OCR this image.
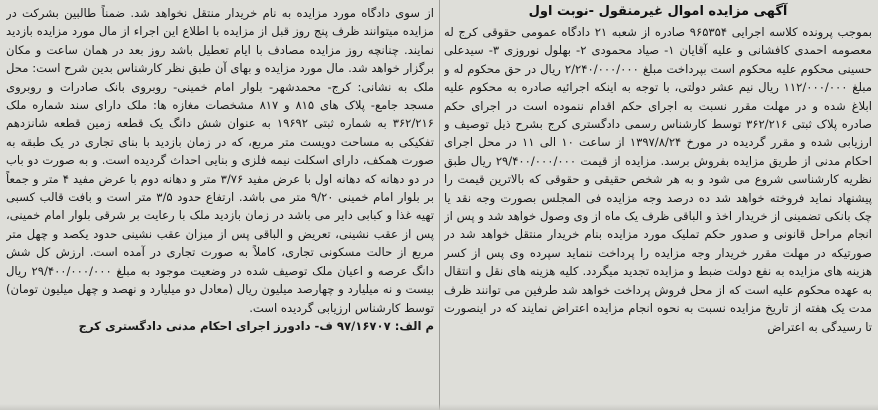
آگهی مزایده اموال غیرمنقول -نوبت اول

بموجب پرونده کلاسه اجرایی ۹۶۵۳۵۴ صادره از شعبه ۲۱ دادگاه عمومی حقوقی کرج له معصومه احمدی کافشانی و علیه آقایان ۱- صیاد محمودی ۲- بهلول نوروزی ۳- سیدعلی حسینی محکوم علیه محکوم است بپرداخت مبلغ ۲/۲۴۰/۰۰۰/۰۰۰ ریال در حق محکوم له و مبلغ ۱۱۲/۰۰۰/۰۰۰ ریال نیم عشر دولتی، با توجه به اینکه اجرائیه صادره به محکوم علیه ابلاغ شده و در مهلت مقرر نسبت به اجرای حکم اقدام ننموده است در اجرای حکم صادره پلاک ثبتی ۳۶۲/۲۱۶ توسط کارشناس رسمی دادگستری کرج بشرح ذیل توصیف و ارزیابی شده و مقرر گردیده در مورخ ۱۳۹۷/۸/۲۴ از ساعت ۱۰ الی ۱۱ در محل اجرای احکام مدنی از طریق مزایده بفروش برسد. مزایده از قیمت ۲۹/۴۰۰/۰۰۰/۰۰۰ ریال طبق نظریه کارشناسی شروع می شود و به هر شخص حقیقی و حقوقی که بالاترین قیمت را پیشنهاد نماید فروخته خواهد شد ده درصد وجه مزایده فی المجلس بصورت وجه نقد یا چک بانکی تضمینی از خریدار اخذ و الباقی ظرف یک ماه از وی وصول خواهد شد و پس از انجام مراحل قانونی و صدور حکم تملیک مورد مزایده بنام خریدار منتقل خواهد شد در صورتیکه در مهلت مقرر خریدار وجه مزایده را پرداخت ننماید سپرده وی پس از کسر هزینه های مزایده به نفع دولت ضبط و مزایده تجدید میگردد. کلیه هزینه های نقل و انتقال به عهده محکوم علیه است که از محل فروش پرداخت خواهد شد طرفین می توانند ظرف مدت یک هفته از تاریخ مزایده نسبت به نحوه انجام مزایده اعتراض نمایند که در اینصورت تا رسیدگی به اعتراض

از سوی دادگاه مورد مزایده به نام خریدار منتقل نخواهد شد. ضمناً طالبین بشرکت در مزایده میتوانند ظرف پنج روز قبل از مزایده با اطلاع این اجراء از مال مورد مزایده بازدید نمایند. چنانچه روز مزایده مصادف با ایام تعطیل باشد روز بعد در همان ساعت و مکان برگزار خواهد شد. مال مورد مزایده و بهای آن طبق نظر کارشناس بدین شرح است: محل ملک به نشانی: کرج- محمدشهر- بلوار امام خمینی- روبروی بانک صادرات و روبروی مسجد جامع- پلاک های ۸۱۵ و ۸۱۷ مشخصات مغازه ها: ملک دارای سند شماره ملک ۳۶۲/۲۱۶ به شماره ثبتی ۱۹۶۹۲ به عنوان شش دانگ یک قطعه زمین قطعه شانزدهم تفکیکی به مساحت دویست متر مربع، که در زمان بازدید با بنای تجاری در یک طبقه به صورت همکف، دارای اسکلت نیمه فلزی و بنایی احداث گردیده است. و به صورت دو باب در دو دهانه که دهانه اول با عرض مفید ۳/۷۶ متر و دهانه دوم با عرض مفید ۴ متر و جمعاً بر بلوار امام خمینی ۹/۲۰ متر می باشد. ارتفاع حدود ۳/۵ متر است و بافت قالب کسبی تهیه غذا و کبابی دایر می باشد در زمان بازدید ملک با رعایت بر شرقی بلوار امام خمینی، پس از عقب نشینی، تعریض و الباقی پس از میزان عقب نشینی حدود یکصد و چهل متر مربع از حالت مسکونی تجاری، کاملاً به صورت تجاری در آمده است. ارزش کل شش دانگ عرصه و اعیان ملک توصیف شده در وضعیت موجود به مبلغ ۲۹/۴۰۰/۰۰۰/۰۰۰ ریال بیست و نه میلیارد و چهارصد میلیون ریال (معادل دو میلیارد و نهصد و چهل میلیون تومان) توسط کارشناس ارزیابی گردیده است.

م الف: ۹۷/۱۶۷۰۷ ف- دادورز اجرای احکام مدنی دادگستری کرج
